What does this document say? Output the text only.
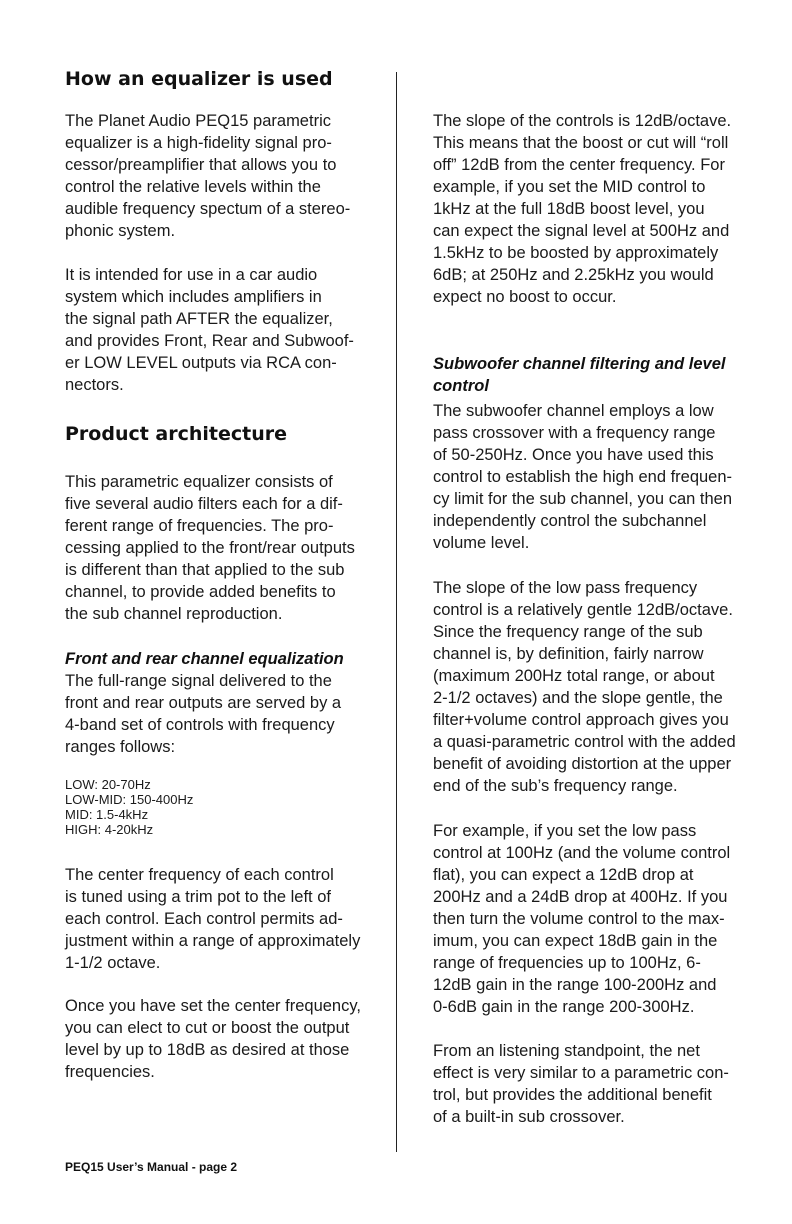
How an equalizer is used

The Planet Audio PEQ15 parametric
equalizer is a high-fidelity signal pro-
cessor/preamplifier that allows you to
control the relative levels within the
audible frequency spectum of a stereo-
phonic system.

It is intended for use in a car audio
system which includes amplifiers in
the signal path AFTER the equalizer,
and provides Front, Rear and Subwoof-
er LOW LEVEL outputs via RCA con-
nectors.

Product architecture

This parametric equalizer consists of
five several audio filters each for a dif-
ferent range of frequencies. The pro-
cessing applied to the front/rear outputs
is different than that applied to the sub
channel, to provide added benefits to
the sub channel reproduction.

Front and rear channel equalization

The full-range signal delivered to the
front and rear outputs are served by a
4-band set of controls with frequency
ranges follows:

LOW: 20-70Hz
LOW-MID: 150-400Hz
MID: 1.5-4kHz
HIGH: 4-20kHz

The center frequency of each control
is tuned using a trim pot to the left of
each control. Each control permits ad-
justment within a range of approximately
1-1/2 octave.

Once you have set the center frequency,
you can elect to cut or boost the output
level by up to 18dB as desired at those
frequencies.

The slope of the controls is 12dB/octave.
This means that the boost or cut will “roll
off” 12dB from the center frequency. For
example, if you set the MID control to
1kHz at the full 18dB boost level, you
can expect the signal level at 500Hz and
1.5kHz to be boosted by approximately
6dB; at 250Hz and 2.25kHz you would
expect no boost to occur.

Subwoofer channel filtering and level
control

The subwoofer channel employs a low
pass crossover with a frequency range
of 50-250Hz. Once you have used this
control to establish the high end frequen-
cy limit for the sub channel, you can then
independently control the subchannel
volume level.

The slope of the low pass frequency
control is a relatively gentle 12dB/octave.
Since the frequency range of the sub
channel is, by definition, fairly narrow
(maximum 200Hz total range, or about
2-1/2 octaves) and the slope gentle, the
filter+volume control approach gives you
a quasi-parametric control with the added
benefit of avoiding distortion at the upper
end of the sub’s frequency range.

For example, if you set the low pass
control at 100Hz (and the volume control
flat), you can expect a 12dB drop at
200Hz and a 24dB drop at 400Hz. If you
then turn the volume control to the max-
imum, you can expect 18dB gain in the
range of frequencies up to 100Hz, 6-
12dB gain in the range 100-200Hz and
0-6dB gain in the range 200-300Hz.

From an listening standpoint, the net
effect is very similar to a parametric con-
trol, but provides the additional benefit
of a built-in sub crossover.

PEQ15 User’s Manual - page 2
